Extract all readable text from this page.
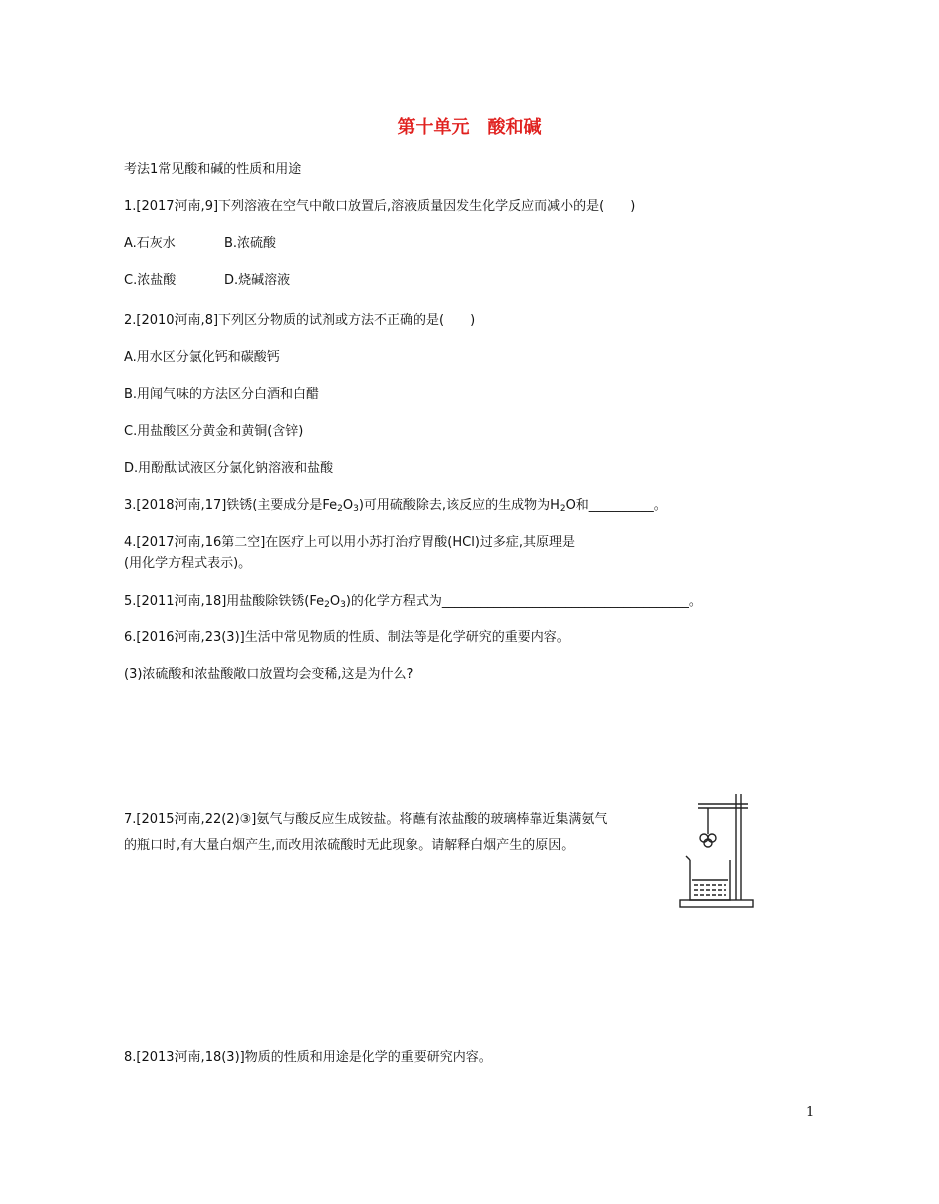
第十单元　酸和碱
考法1常见酸和碱的性质和用途
1.[2017河南,9]下列溶液在空气中敞口放置后,溶液质量因发生化学反应而减小的是(　　)
A.石灰水	B.浓硫酸
C.浓盐酸	D.烧碱溶液
2.[2010河南,8]下列区分物质的试剂或方法不正确的是(　　)
A.用水区分氯化钙和碳酸钙
B.用闻气味的方法区分白酒和白醋
C.用盐酸区分黄金和黄铜(含锌)
D.用酚酞试液区分氯化钠溶液和盐酸
3.[2018河南,17]铁锈(主要成分是$Fe_2O_3$)可用硫酸除去,该反应的生成物为$H_2O$和__________。
4.[2017河南,16第二空]在医疗上可以用小苏打治疗胃酸(HCl)过多症,其原理是
(用化学方程式表示)。
5.[2011河南,18]用盐酸除铁锈$(Fe_2O_3)$的化学方程式为______________________________________。
6.[2016河南,23(3)]生活中常见物质的性质、制法等是化学研究的重要内容。
(3)浓硫酸和浓盐酸敞口放置均会变稀,这是为什么?
7.[2015河南,22(2)③]氨气与酸反应生成铵盐。将蘸有浓盐酸的玻璃棒靠近集满氨气
的瓶口时,有大量白烟产生,而改用浓硫酸时无此现象。请解释白烟产生的原因。
8.[2013河南,18(3)]物质的性质和用途是化学的重要研究内容。
1
